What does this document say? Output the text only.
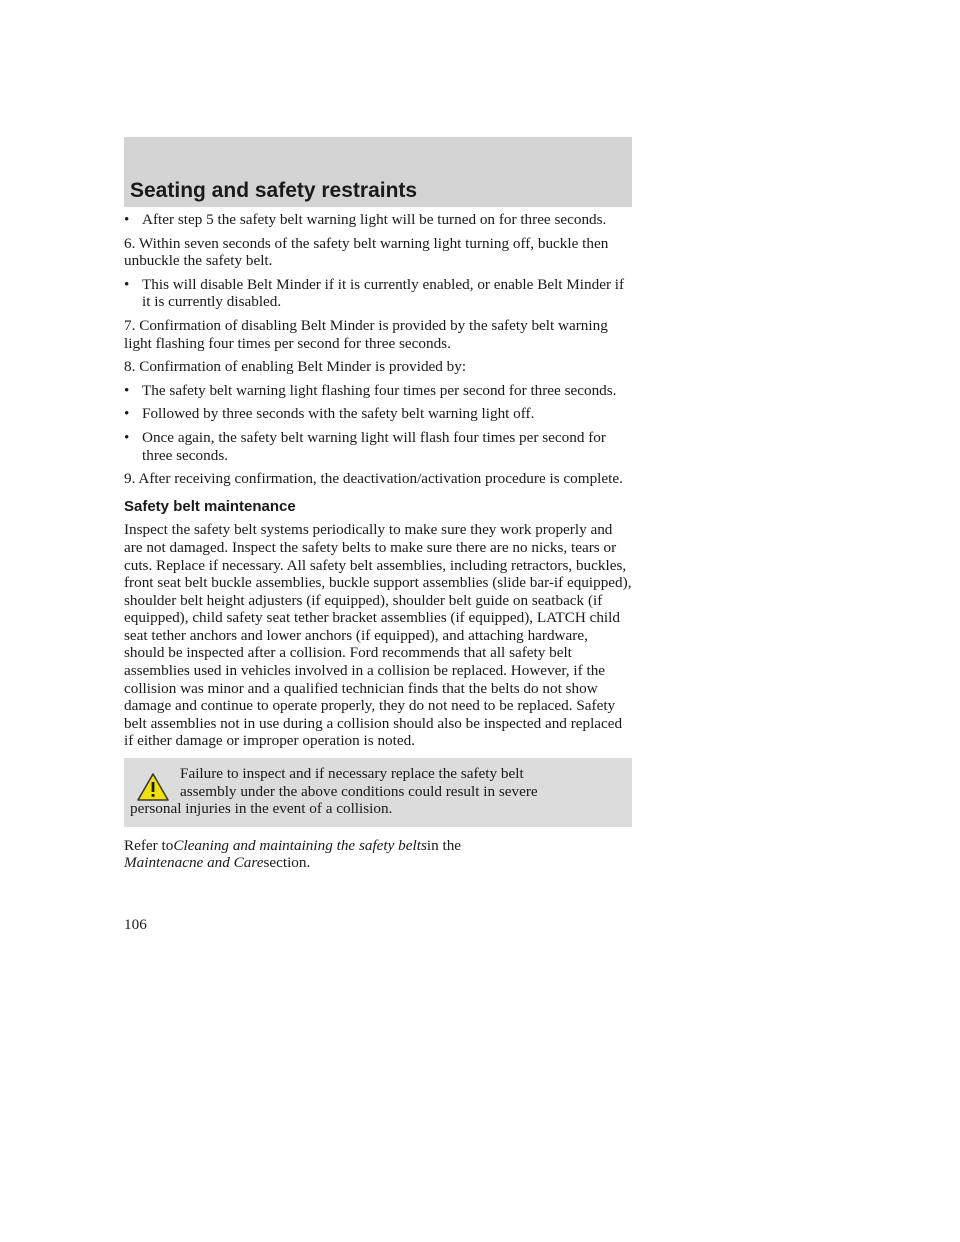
Seating and safety restraints
• After step 5 the safety belt warning light will be turned on for three seconds.

6. Within seven seconds of the safety belt warning light turning off, buckle then unbuckle the safety belt.

• This will disable Belt Minder if it is currently enabled, or enable Belt Minder if it is currently disabled.

7. Confirmation of disabling Belt Minder is provided by the safety belt warning light flashing four times per second for three seconds.

8. Confirmation of enabling Belt Minder is provided by:

• The safety belt warning light flashing four times per second for three seconds.
• Followed by three seconds with the safety belt warning light off.
• Once again, the safety belt warning light will flash four times per second for three seconds.

9. After receiving confirmation, the deactivation/activation procedure is complete.

Safety belt maintenance

Inspect the safety belt systems periodically to make sure they work properly and are not damaged. Inspect the safety belts to make sure there are no nicks, tears or cuts. Replace if necessary. All safety belt assemblies, including retractors, buckles, front seat belt buckle assemblies, buckle support assemblies (slide bar-if equipped), shoulder belt height adjusters (if equipped), shoulder belt guide on seatback (if equipped), child safety seat tether bracket assemblies (if equipped), LATCH child seat tether anchors and lower anchors (if equipped), and attaching hardware, should be inspected after a collision. Ford recommends that all safety belt assemblies used in vehicles involved in a collision be replaced. However, if the collision was minor and a qualified technician finds that the belts do not show damage and continue to operate properly, they do not need to be replaced. Safety belt assemblies not in use during a collision should also be inspected and replaced if either damage or improper operation is noted.

Failure to inspect and if necessary replace the safety belt
assembly under the above conditions could result in severe
personal injuries in the event of a collision.

Refer toCleaning and maintaining the safety beltsin the
Maintenacne and Caresection.

106
